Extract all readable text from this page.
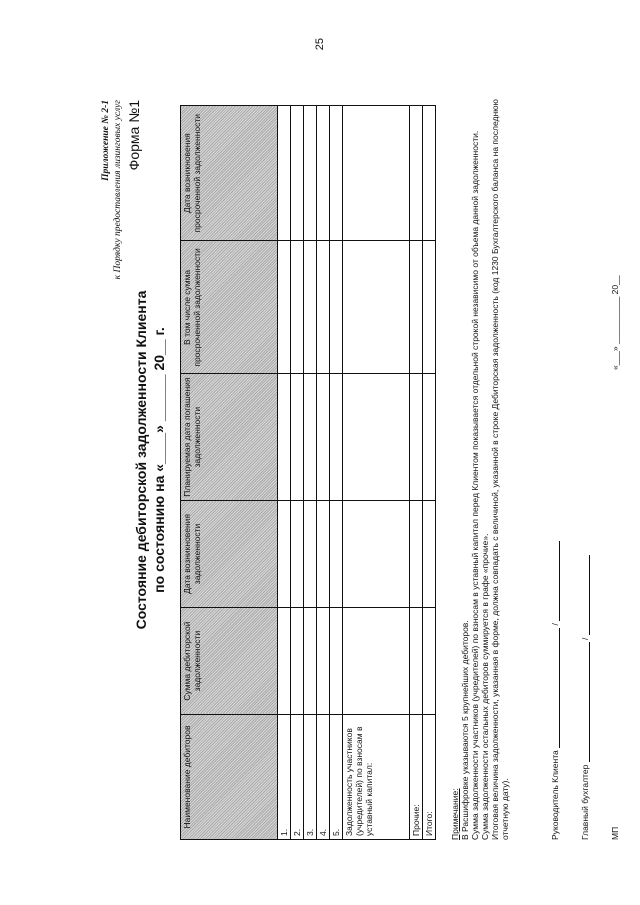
25
Приложение № 2-1 к Порядку предоставления лизинговых услуг Форма №1
Состояние дебиторской задолженности Клиента по состоянию на «____» ______ 20__ г.
Наименование дебиторов	Сумма дебиторской задолженности	Дата возникновения задолженности	Планируемая дата погашения задолженности	В том числе сумма просроченной задолженности	Дата возникновения просроченной задолженности
1.					
2.					
3.					
4.					
5.					
Задолженность участников (учредителей) по взносам в уставный капитал:					
Прочие:					
Итого:					Примечание: В Расшифровке указываются 5 крупнейших дебиторов. Сумма задолженности участников (учредителей) по взносам в уставный капитал перед Клиентом показывается отдельной строкой независимо от объема данной задолженности. Сумма задолженности остальных дебиторов суммируется в графе «прочие». Итоговая величина задолженности, указанная в форме, должна совпадать с величиной, указанной в строке Дебиторская задолженность (код 1230 Бухгалтерского баланса на последнюю отчетную дату).	Руководитель Клиента  /
Главный бухгалтер  /
МП
«___» __________ 20__
